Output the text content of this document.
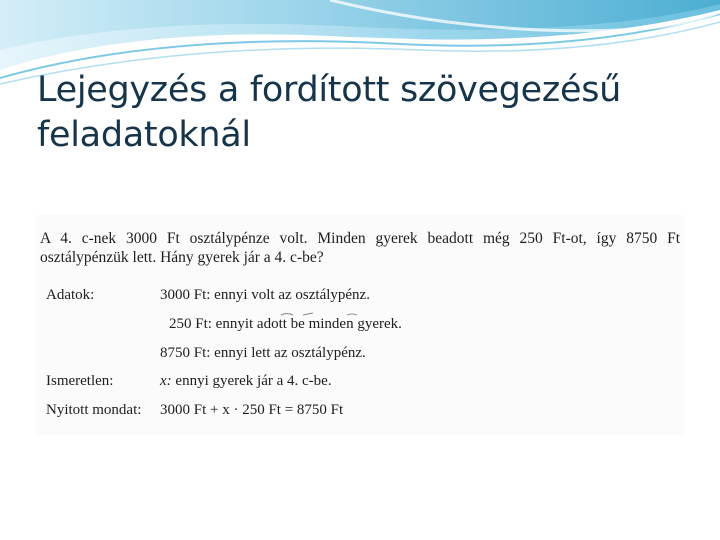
Lejegyzés a fordított szövegezésű feladatoknál

A 4. c-nek 3000 Ft osztálypénze volt. Minden gyerek beadott még 250 Ft-ot, így 8750 Ft osztálypénzük lett. Hány gyerek jár a 4. c-be?

Adatok:	3000 Ft: ennyi volt az osztálypénz.
250 Ft: ennyit adott be minden gyerek.
8750 Ft: ennyi lett az osztálypénz.
Ismeretlen:	x: ennyi gyerek jár a 4. c-be.
Nyitott mondat: 3000 Ft + x · 250 Ft = 8750 Ft
